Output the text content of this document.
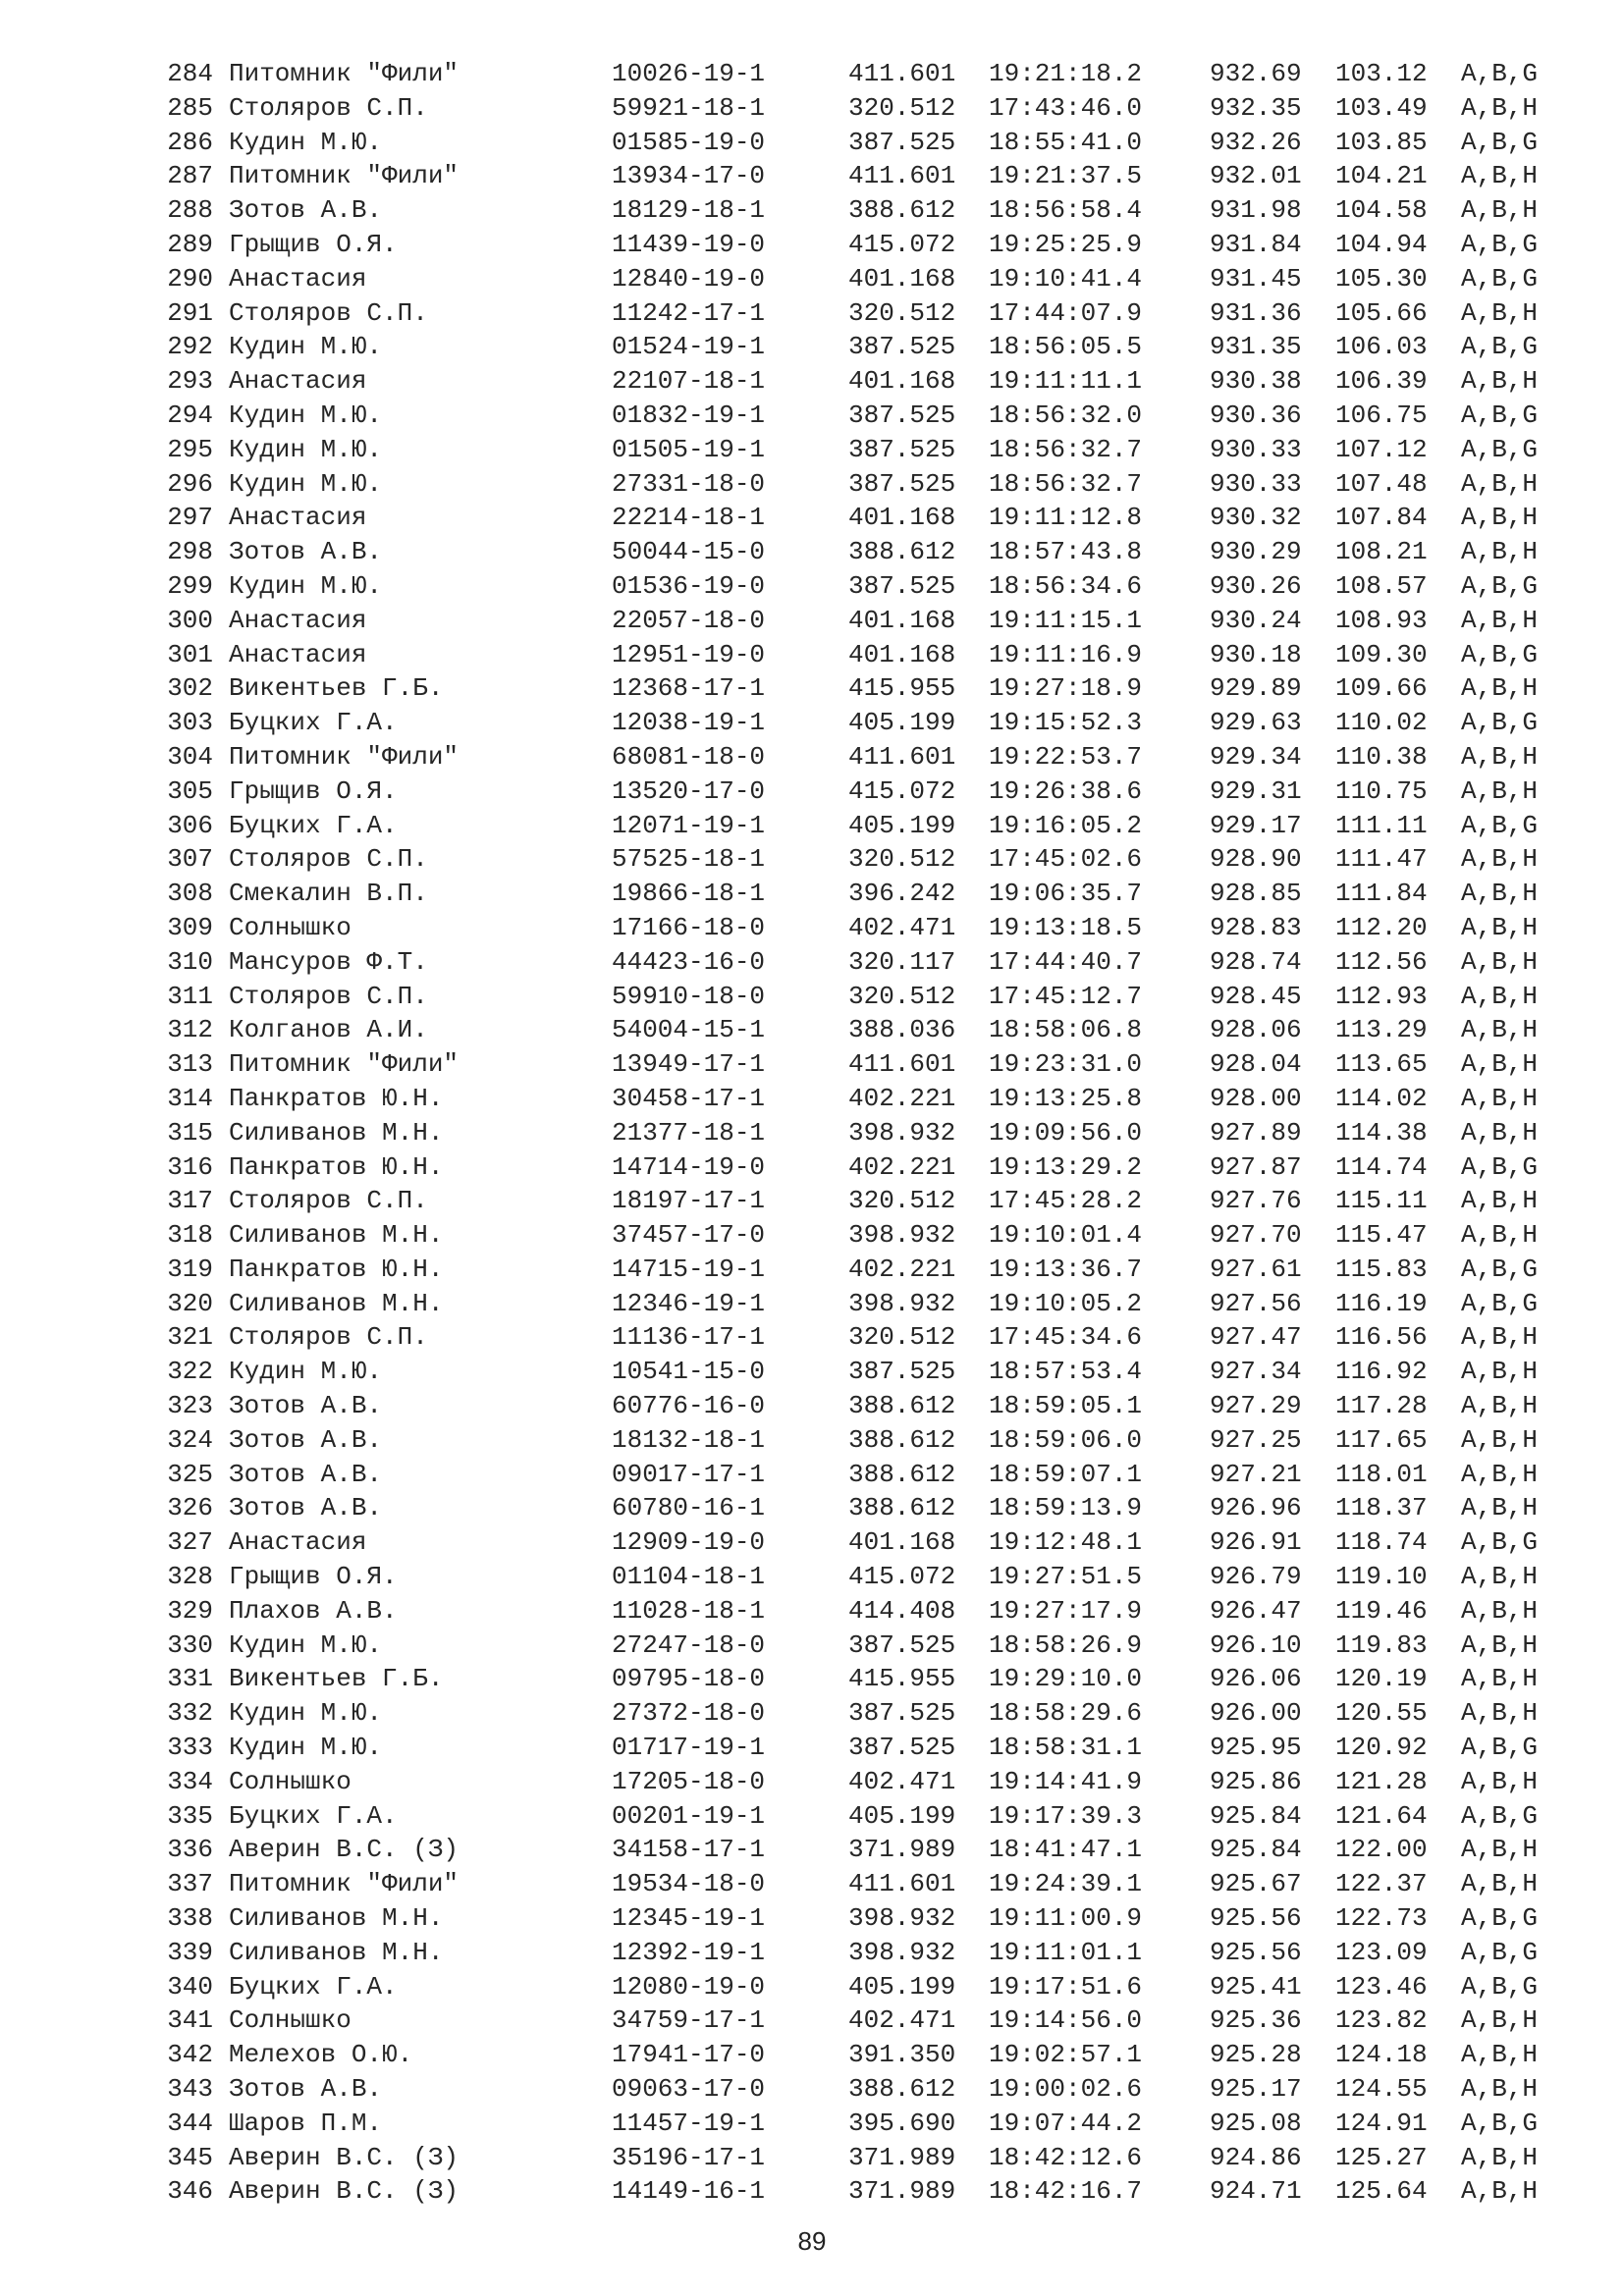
284 Питомник "Фили"	10026-19-1	411.601 19:21:18.2	932.69 103.12 A,B,G
285 Столяров С.П.	59921-18-1	320.512 17:43:46.0	932.35 103.49 A,B,H
286 Кудин М.Ю.	01585-19-0	387.525 18:55:41.0	932.26 103.85 A,B,G
287 Питомник "Фили"	13934-17-0	411.601 19:21:37.5	932.01 104.21 A,B,H
288 Зотов А.В.	18129-18-1	388.612 18:56:58.4	931.98 104.58 A,B,H
289 Грыщив О.Я.	11439-19-0	415.072 19:25:25.9	931.84 104.94 A,B,G
290 Анастасия	12840-19-0	401.168 19:10:41.4	931.45 105.30 A,B,G
291 Столяров С.П.	11242-17-1	320.512 17:44:07.9	931.36 105.66 A,B,H
292 Кудин М.Ю.	01524-19-1	387.525 18:56:05.5	931.35 106.03 A,B,G
293 Анастасия	22107-18-1	401.168 19:11:11.1	930.38 106.39 A,B,H
294 Кудин М.Ю.	01832-19-1	387.525 18:56:32.0	930.36 106.75 A,B,G
295 Кудин М.Ю.	01505-19-1	387.525 18:56:32.7	930.33 107.12 A,B,G
296 Кудин М.Ю.	27331-18-0	387.525 18:56:32.7	930.33 107.48 A,B,H
297 Анастасия	22214-18-1	401.168 19:11:12.8	930.32 107.84 A,B,H
298 Зотов А.В.	50044-15-0	388.612 18:57:43.8	930.29 108.21 A,B,H
299 Кудин М.Ю.	01536-19-0	387.525 18:56:34.6	930.26 108.57 A,B,G
300 Анастасия	22057-18-0	401.168 19:11:15.1	930.24 108.93 A,B,H
301 Анастасия	12951-19-0	401.168 19:11:16.9	930.18 109.30 A,B,G
302 Викентьев Г.Б.	12368-17-1	415.955 19:27:18.9	929.89 109.66 A,B,H
303 Буцких Г.А.	12038-19-1	405.199 19:15:52.3	929.63 110.02 A,B,G
304 Питомник "Фили"	68081-18-0	411.601 19:22:53.7	929.34 110.38 A,B,H
305 Грыщив О.Я.	13520-17-0	415.072 19:26:38.6	929.31 110.75 A,B,H
306 Буцких Г.А.	12071-19-1	405.199 19:16:05.2	929.17 111.11 A,B,G
307 Столяров С.П.	57525-18-1	320.512 17:45:02.6	928.90 111.47 A,B,H
308 Смекалин В.П.	19866-18-1	396.242 19:06:35.7	928.85 111.84 A,B,H
309 Солнышко	17166-18-0	402.471 19:13:18.5	928.83 112.20 A,B,H
310 Мансуров Ф.Т.	44423-16-0	320.117 17:44:40.7	928.74 112.56 A,B,H
311 Столяров С.П.	59910-18-0	320.512 17:45:12.7	928.45 112.93 A,B,H
312 Колганов А.И.	54004-15-1	388.036 18:58:06.8	928.06 113.29 A,B,H
313 Питомник "Фили"	13949-17-1	411.601 19:23:31.0	928.04 113.65 A,B,H
314 Панкратов Ю.Н.	30458-17-1	402.221 19:13:25.8	928.00 114.02 A,B,H
315 Силиванов М.Н.	21377-18-1	398.932 19:09:56.0	927.89 114.38 A,B,H
316 Панкратов Ю.Н.	14714-19-0	402.221 19:13:29.2	927.87 114.74 A,B,G
317 Столяров С.П.	18197-17-1	320.512 17:45:28.2	927.76 115.11 A,B,H
318 Силиванов М.Н.	37457-17-0	398.932 19:10:01.4	927.70 115.47 A,B,H
319 Панкратов Ю.Н.	14715-19-1	402.221 19:13:36.7	927.61 115.83 A,B,G
320 Силиванов М.Н.	12346-19-1	398.932 19:10:05.2	927.56 116.19 A,B,G
321 Столяров С.П.	11136-17-1	320.512 17:45:34.6	927.47 116.56 A,B,H
322 Кудин М.Ю.	10541-15-0	387.525 18:57:53.4	927.34 116.92 A,B,H
323 Зотов А.В.	60776-16-0	388.612 18:59:05.1	927.29 117.28 A,B,H
324 Зотов А.В.	18132-18-1	388.612 18:59:06.0	927.25 117.65 A,B,H
325 Зотов А.В.	09017-17-1	388.612 18:59:07.1	927.21 118.01 A,B,H
326 Зотов А.В.	60780-16-1	388.612 18:59:13.9	926.96 118.37 A,B,H
327 Анастасия	12909-19-0	401.168 19:12:48.1	926.91 118.74 A,B,G
328 Грыщив О.Я.	01104-18-1	415.072 19:27:51.5	926.79 119.10 A,B,H
329 Плахов А.В.	11028-18-1	414.408 19:27:17.9	926.47 119.46 A,B,H
330 Кудин М.Ю.	27247-18-0	387.525 18:58:26.9	926.10 119.83 A,B,H
331 Викентьев Г.Б.	09795-18-0	415.955 19:29:10.0	926.06 120.19 A,B,H
332 Кудин М.Ю.	27372-18-0	387.525 18:58:29.6	926.00 120.55 A,B,H
333 Кудин М.Ю.	01717-19-1	387.525 18:58:31.1	925.95 120.92 A,B,G
334 Солнышко	17205-18-0	402.471 19:14:41.9	925.86 121.28 A,B,H
335 Буцких Г.А.	00201-19-1	405.199 19:17:39.3	925.84 121.64 A,B,G
336 Аверин В.С. (З)	34158-17-1	371.989 18:41:47.1	925.84 122.00 A,B,H
337 Питомник "Фили"	19534-18-0	411.601 19:24:39.1	925.67 122.37 A,B,H
338 Силиванов М.Н.	12345-19-1	398.932 19:11:00.9	925.56 122.73 A,B,G
339 Силиванов М.Н.	12392-19-1	398.932 19:11:01.1	925.56 123.09 A,B,G
340 Буцких Г.А.	12080-19-0	405.199 19:17:51.6	925.41 123.46 A,B,G
341 Солнышко	34759-17-1	402.471 19:14:56.0	925.36 123.82 A,B,H
342 Мелехов О.Ю.	17941-17-0	391.350 19:02:57.1	925.28 124.18 A,B,H
343 Зотов А.В.	09063-17-0	388.612 19:00:02.6	925.17 124.55 A,B,H
344 Шаров П.М.	11457-19-1	395.690 19:07:44.2	925.08 124.91 A,B,G
345 Аверин В.С. (З)	35196-17-1	371.989 18:42:12.6	924.86 125.27 A,B,H
346 Аверин В.С. (З)	14149-16-1	371.989 18:42:16.7	924.71 125.64 A,B,H
89
